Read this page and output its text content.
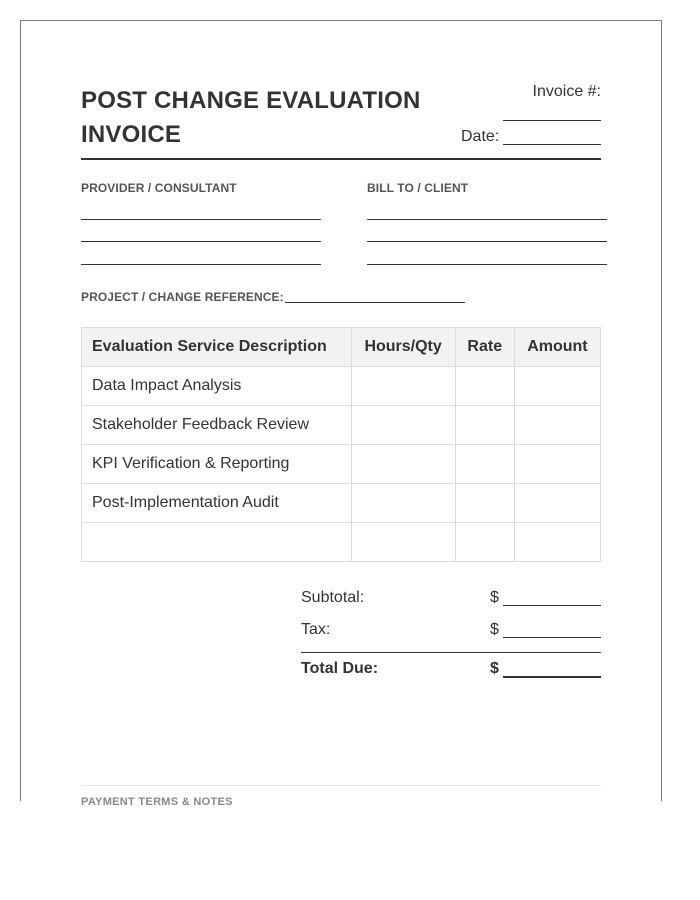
POST CHANGE EVALUATION
INVOICE
Invoice #:
Date:
PROVIDER / CONSULTANT	BILL TO / CLIENT
PROJECT / CHANGE REFERENCE:
Evaluation Service Description	Hours/Qty	Rate	Amount
Data Impact Analysis			
Stakeholder Feedback Review			
KPI Verification & Reporting			
Post-Implementation Audit			

Subtotal:	$
Tax:	$
Total Due:	$
PAYMENT TERMS & NOTES
